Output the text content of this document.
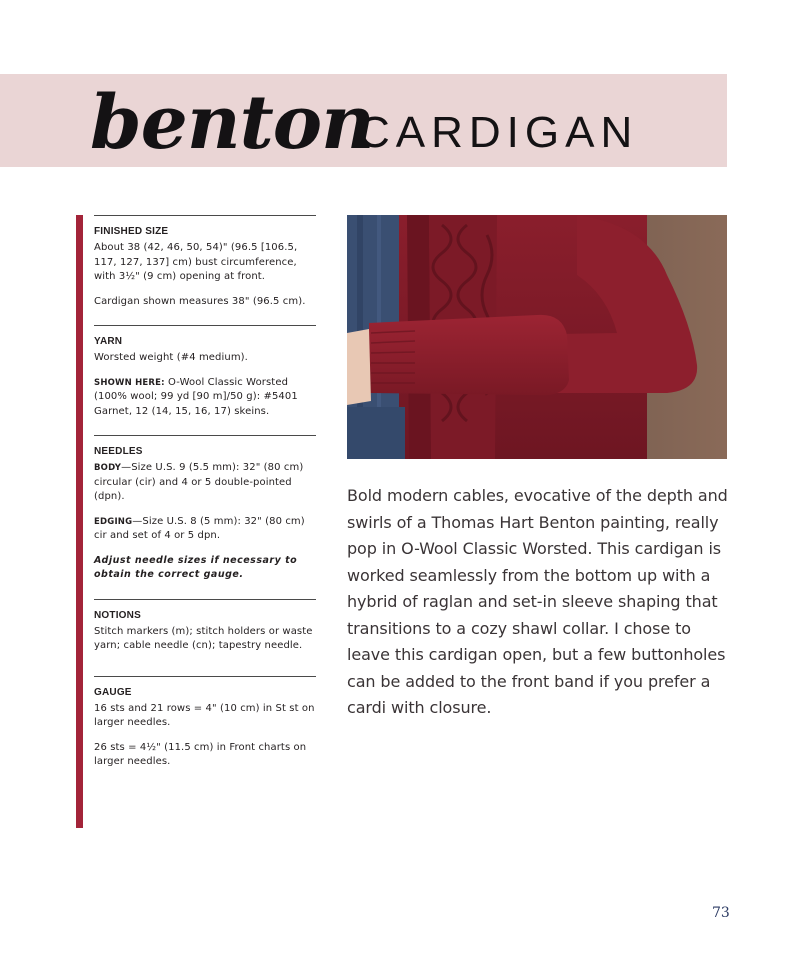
benton
CARDIGAN
FINISHED SIZE

About 38 (42, 46, 50, 54)" (96.5 [106.5, 117, 127, 137] cm) bust circumference, with 3½" (9 cm) opening at front.

Cardigan shown measures 38" (96.5 cm).

YARN

Worsted weight (#4 medium).

SHOWN HERE: O-Wool Classic Worsted (100% wool; 99 yd [90 m]/50 g): #5401 Garnet, 12 (14, 15, 16, 17) skeins.

NEEDLES

BODY—Size U.S. 9 (5.5 mm): 32" (80 cm) circular (cir) and 4 or 5 double-pointed (dpn).

EDGING—Size U.S. 8 (5 mm): 32" (80 cm) cir and set of 4 or 5 dpn.

Adjust needle sizes if necessary to obtain the correct gauge.

NOTIONS

Stitch markers (m); stitch holders or waste yarn; cable needle (cn); tapestry needle.

GAUGE

16 sts and 21 rows = 4" (10 cm) in St st on larger needles.

26 sts = 4½" (11.5 cm) in Front charts on larger needles.

Bold modern cables, evocative of the depth and swirls of a Thomas Hart Benton painting, really pop in O-Wool Classic Worsted. This cardigan is worked seamlessly from the bottom up with a hybrid of raglan and set-in sleeve shaping that transitions to a cozy shawl collar. I chose to leave this cardigan open, but a few buttonholes can be added to the front band if you prefer a cardi with closure.
73
